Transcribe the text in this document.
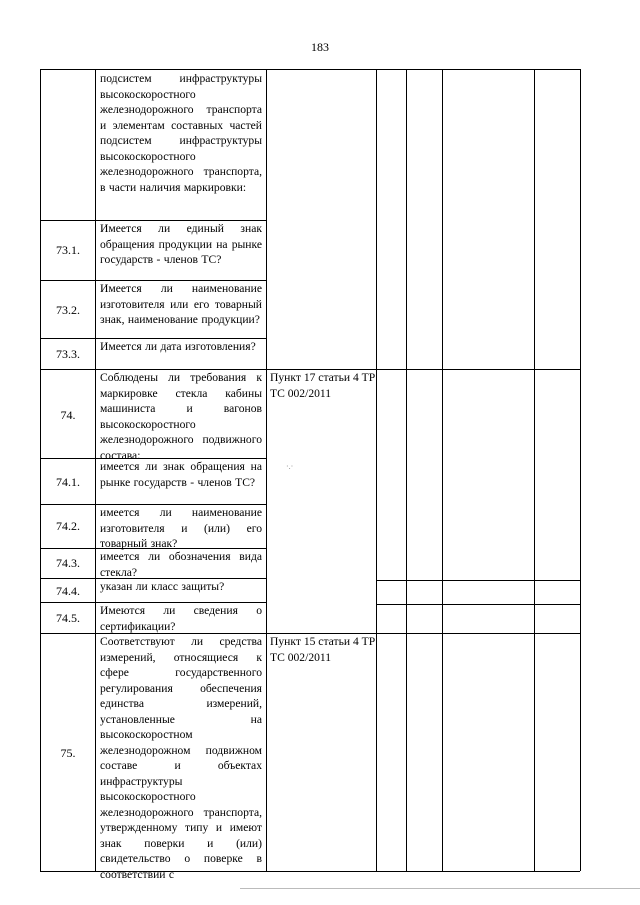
183
подсистем инфраструктуры высокоскоростного железнодорожного транспорта и элементам составных частей подсистем инфраструктуры высокоскоростного железнодорожного транспорта, в части наличия маркировки:
73.1.
Имеется ли единый знак обращения продукции на рынке государств - членов ТС?
73.2.
Имеется ли наименование изготовителя или его товарный знак, наименование продукции?
73.3.
Имеется ли дата изготовления?
74.
Соблюдены ли требования к маркировке стекла кабины машиниста и вагонов высокоскоростного железнодорожного подвижного состава:
Пункт 17 статьи 4 ТР ТС 002/2011
74.1.
имеется ли знак обращения на рынке государств - членов ТС?
74.2.
имеется ли наименование изготовителя и (или) его товарный знак?
74.3.	имеется ли обозначения вида стекла?
74.4.	указан ли класс защиты?
74.5.
Имеются ли сведения о сертификации?
75.
Соответствуют ли средства измерений, относящиеся к сфере государственного регулирования обеспечения единства измерений, установленные на высокоскоростном железнодорожном подвижном составе и объектах инфраструктуры высокоскоростного железнодорожного транспорта, утвержденному типу и имеют знак поверки и (или) свидетельство о поверке в соответствии с
Пункт 15 статьи 4 ТР ТС 002/2011
·.·
